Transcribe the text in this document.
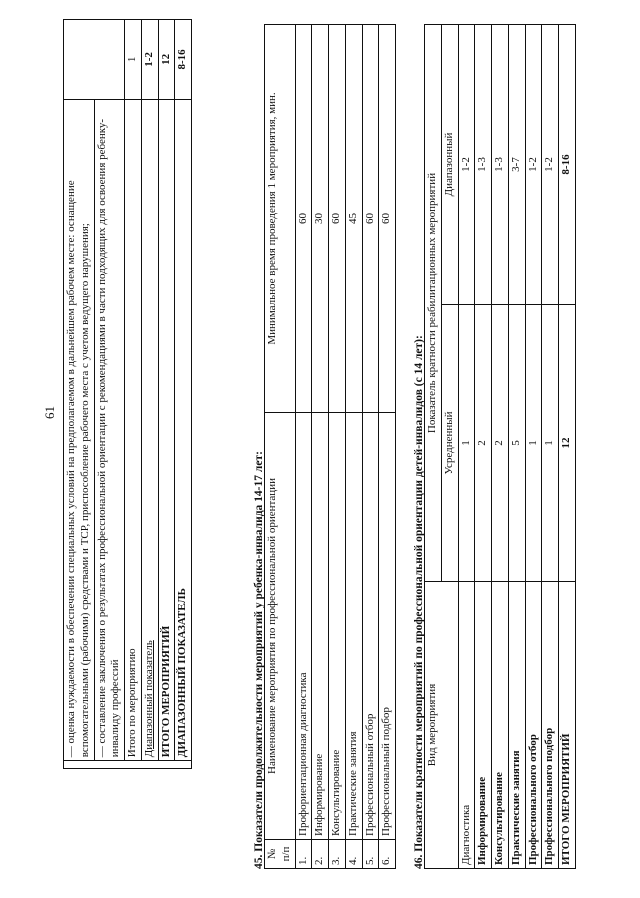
61
	— оценка нуждаемости в обеспечении специальных условий на предполагаемом в дальнейшем рабочем месте: оснащение вспомогательными (рабочими) средствами и ТСР, приспособление рабочего места с учетом ведущего нарушения;	
	— составление заключения о результатах профессиональной ориентации с рекомендациями в части подходящих для освоения ребенку-инвалиду профессий	
	Итого по мероприятию	1
	Диапазонный показатель	1-2
	ИТОГО МЕРОПРИЯТИЙ	12
	ДИАПАЗОННЫЙ ПОКАЗАТЕЛЬ	8-16
45. Показатели продолжительности мероприятий у ребенка-инвалида 14-17 лет: № п/п	Наименование мероприятия по профессиональной ориентации	Минимальное время проведения 1 мероприятия, мин.
1.	Профориентационная диагностика	60
2.	Информирование	30
3.	Консультирование	60
4.	Практические занятия	45
5.	Профессиональный отбор	60
6.	Профессиональный подбор	60
46. Показатели кратности мероприятий по профессиональной ориентации детей-инвалидов (с 14 лет): Вид мероприятия	Показатель кратности реабилитационных мероприятий	
	Усредненный	Диапазонный
Диагностика	1	1-2
Информирование	2	1-3
Консультирование	2	1-3
Практические занятия	5	3-7
Профессионального отбор	1	1-2
Профессионального подбор	1	1-2
ИТОГО МЕРОПРИЯТИЙ	12	8-16
